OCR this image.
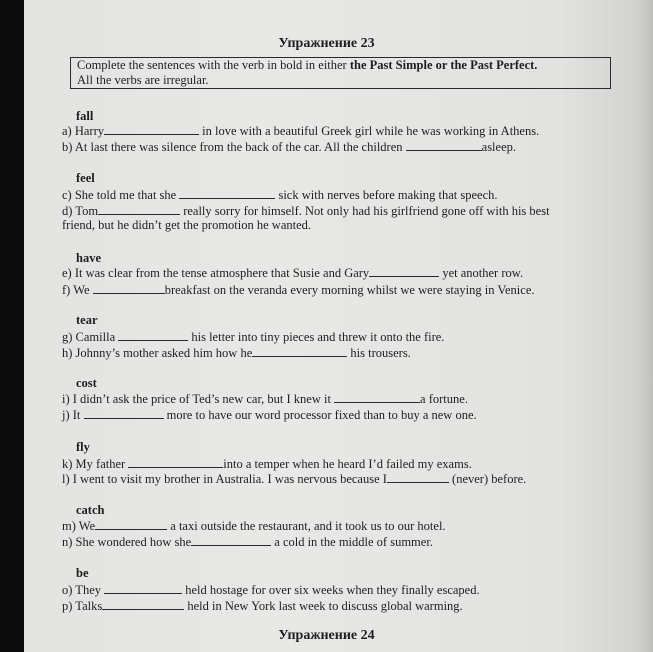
Упражнение 23
Complete the sentences with the verb in bold in either the Past Simple or the Past Perfect.
All the verbs are irregular.
fall
a) Harry	in love with a beautiful Greek girl while he was working in Athens.
b) At last there was silence from the back of the car. All the children	asleep.
feel
c) She told me that she	sick with nerves before making that speech.
d) Tom	really sorry for himself. Not only had his girlfriend gone off with his best
friend, but he didn’t get the promotion he wanted.
have
e) It was clear from the tense atmosphere that Susie and Gary	yet another row.
f) We	breakfast on the veranda every morning whilst we were staying in Venice.
tear
g) Camilla	his letter into tiny pieces and threw it onto the fire.
h) Johnny’s mother asked him how he	his trousers.
cost
i) I didn’t ask the price of Ted’s new car, but I knew it	a fortune.
j) It	more to have our word processor fixed than to buy a new one.
fly
k) My father	into a temper when he heard I’d failed my exams.
l) I went to visit my brother in Australia. I was nervous because I	(never) before.
catch
m) We	a taxi outside the restaurant, and it took us to our hotel.
n) She wondered how she	a cold in the middle of summer.
be
o) They	held hostage for over six weeks when they finally escaped.
p) Talks	held in New York last week to discuss global warming.
Упражнение 24
